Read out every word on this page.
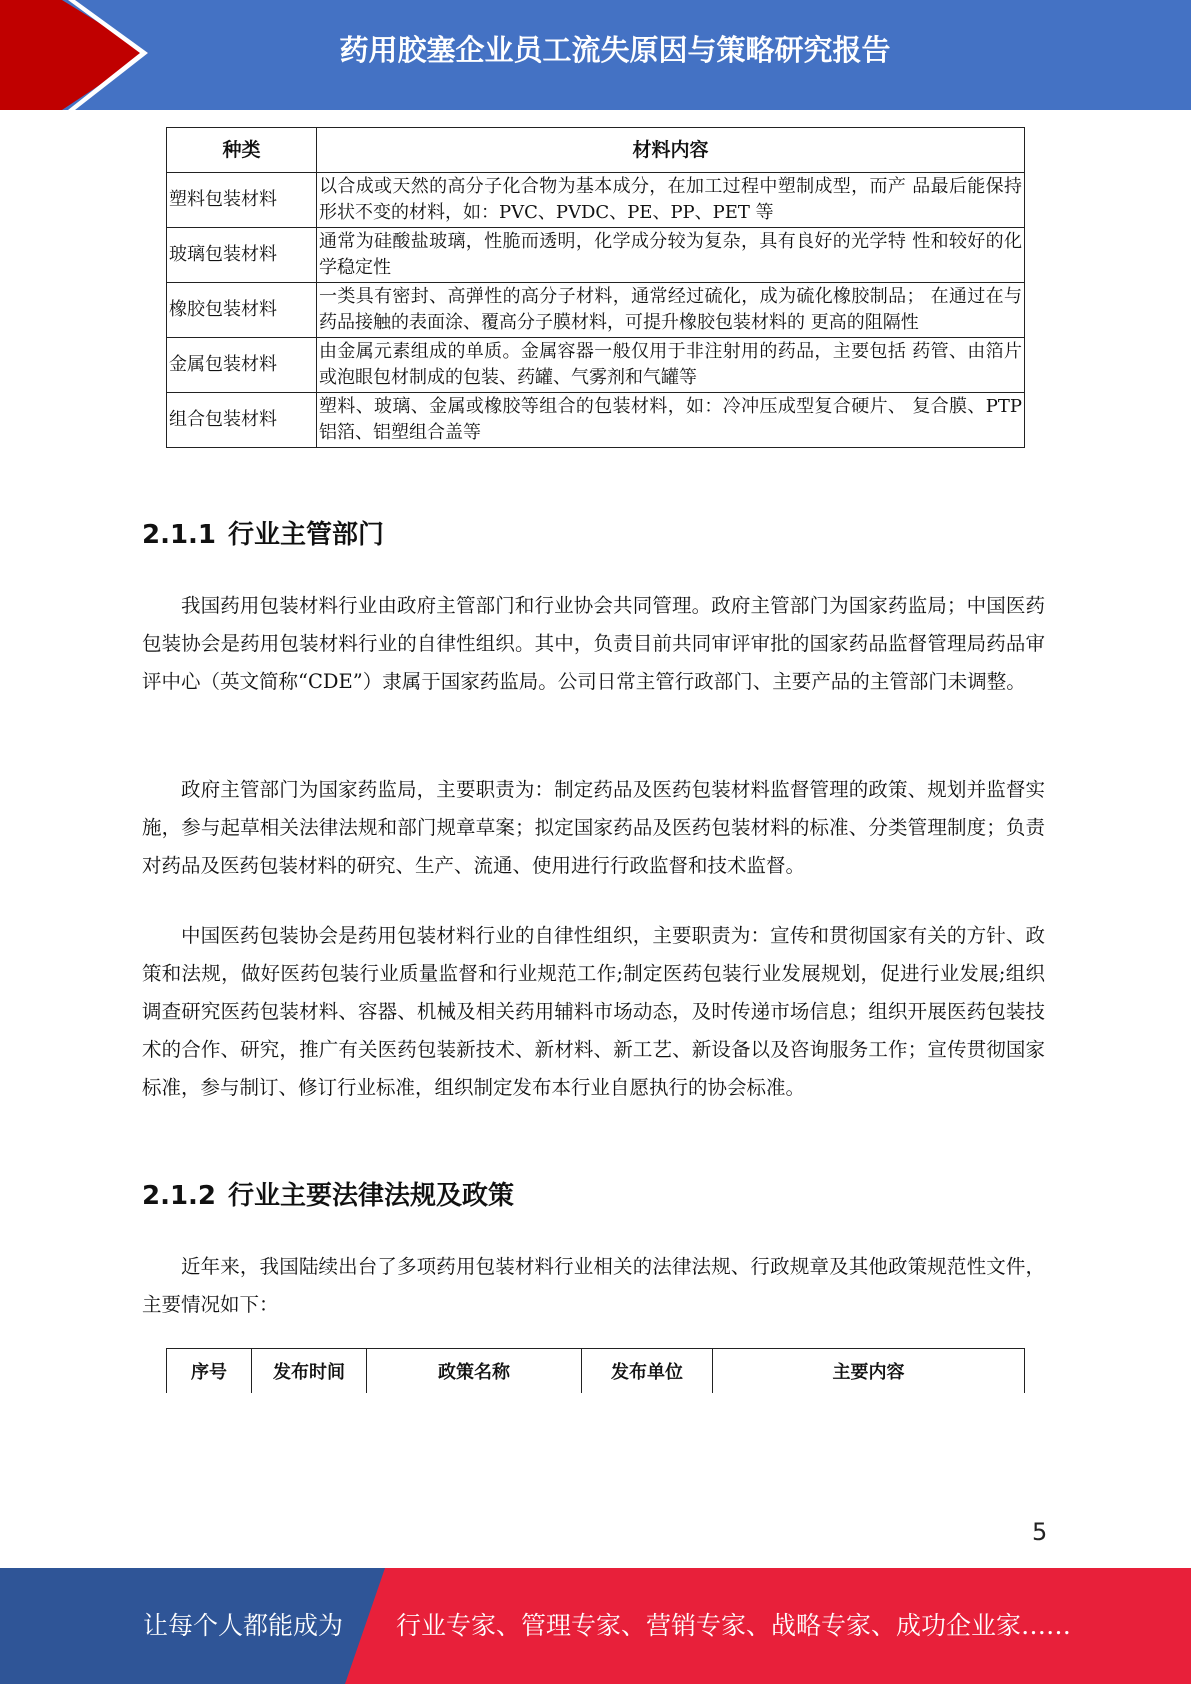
药用胶塞企业员工流失原因与策略研究报告
种类	材料内容
塑料包装材料	以合成或天然的高分子化合物为基本成分，在加工过程中塑制成型，而产 品最后能保持形状不变的材料，如：PVC、PVDC、PE、PP、PET 等
玻璃包装材料	通常为硅酸盐玻璃，性脆而透明，化学成分较为复杂，具有良好的光学特 性和较好的化学稳定性
橡胶包装材料	一类具有密封、高弹性的高分子材料，通常经过硫化，成为硫化橡胶制品； 在通过在与药品接触的表面涂、覆高分子膜材料，可提升橡胶包装材料的 更高的阻隔性
金属包装材料	由金属元素组成的单质。金属容器一般仅用于非注射用的药品，主要包括 药管、由箔片或泡眼包材制成的包装、药罐、气雾剂和气罐等
组合包装材料	塑料、玻璃、金属或橡胶等组合的包装材料，如：冷冲压成型复合硬片、 复合膜、PTP 铝箔、铝塑组合盖等
2.1.1 行业主管部门

我国药用包装材料行业由政府主管部门和行业协会共同管理。政府主管部门为国家药监局；中国医药包装协会是药用包装材料行业的自律性组织。其中，负责目前共同审评审批的国家药品监督管理局药品审评中心（英文简称“CDE”）隶属于国家药监局。公司日常主管行政部门、主要产品的主管部门未调整。

政府主管部门为国家药监局，主要职责为：制定药品及医药包装材料监督管理的政策、规划并监督实施，参与起草相关法律法规和部门规章草案；拟定国家药品及医药包装材料的标准、分类管理制度；负责对药品及医药包装材料的研究、生产、流通、使用进行行政监督和技术监督。

中国医药包装协会是药用包装材料行业的自律性组织，主要职责为：宣传和贯彻国家有关的方针、政策和法规，做好医药包装行业质量监督和行业规范工作;制定医药包装行业发展规划，促进行业发展;组织调查研究医药包装材料、容器、机械及相关药用辅料市场动态，及时传递市场信息；组织开展医药包装技术的合作、研究，推广有关医药包装新技术、新材料、新工艺、新设备以及咨询服务工作；宣传贯彻国家标准，参与制订、修订行业标准，组织制定发布本行业自愿执行的协会标准。

2.1.2 行业主要法律法规及政策

近年来，我国陆续出台了多项药用包装材料行业相关的法律法规、行政规章及其他政策规范性文件，主要情况如下：

序号	发布时间	政策名称	发布单位	主要内容
5
让每个人都能成为 行业专家、管理专家、营销专家、战略专家、成功企业家……
